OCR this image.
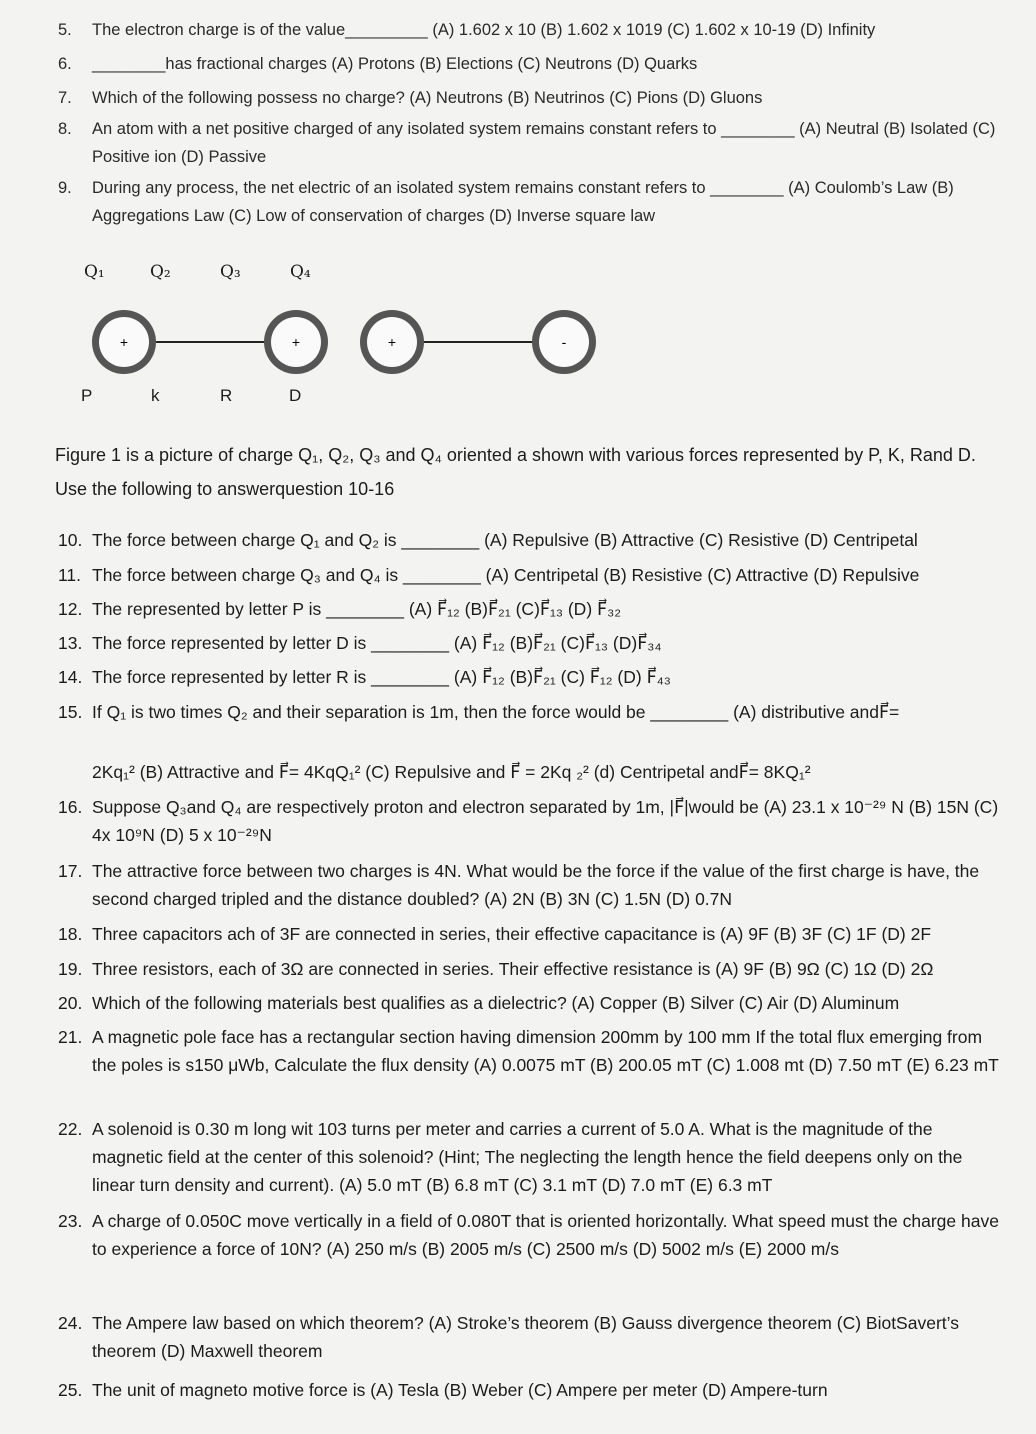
5. The electron charge is of the value_________ (A) 1.602 x 10 (B) 1.602 x 1019 (C) 1.602 x 10-19 (D) Infinity
6. ________has fractional charges (A) Protons (B) Elections (C) Neutrons (D) Quarks
7. Which of the following possess no charge? (A) Neutrons (B) Neutrinos (C) Pions (D) Gluons
8. An atom with a net positive charged of any isolated system remains constant refers to ________ (A) Neutral (B) Isolated (C) Positive ion (D) Passive
9. During any process, the net electric of an isolated system remains constant refers to ________ (A) Coulomb’s Law (B) Aggregations Law (C) Low of conservation of charges (D) Inverse square law
Q₁	Q₂	Q₃	Q₄
+	+	+	-
P	k	R	D
Figure 1 is a picture of charge Q₁, Q₂, Q₃ and Q₄ oriented a shown with various forces represented by P, K, Rand D. Use the following to answerquestion 10-16
10. The force between charge Q₁ and Q₂ is ________ (A) Repulsive (B) Attractive (C) Resistive (D) Centripetal
11. The force between charge Q₃ and Q₄ is ________ (A) Centripetal (B) Resistive (C) Attractive (D) Repulsive
12. The represented by letter P is ________ (A) F⃗₁₂ (B)F⃗₂₁ (C)F⃗₁₃ (D) F⃗₃₂
13. The force represented by letter D is ________ (A) F⃗₁₂ (B)F⃗₂₁ (C)F⃗₁₃ (D)F⃗₃₄
14. The force represented by letter R is ________ (A) F⃗₁₂ (B)F⃗₂₁ (C) F⃗₁₂ (D) F⃗₄₃
15. If Q₁ is two times Q₂ and their separation is 1m, then the force would be ________ (A) distributive andF⃗=
2Kq₁² (B) Attractive and F⃗= 4KqQ₁² (C) Repulsive and F⃗ = 2Kq ₂² (d) Centripetal andF⃗= 8KQ₁²
16. Suppose Q₃and Q₄ are respectively proton and electron separated by 1m, |F⃗|would be (A) 23.1 x 10⁻²⁹ N (B) 15N (C) 4x 10⁹N (D) 5 x 10⁻²⁹N
17. The attractive force between two charges is 4N. What would be the force if the value of the first charge is have, the second charged tripled and the distance doubled? (A) 2N (B) 3N (C) 1.5N (D) 0.7N
18. Three capacitors ach of 3F are connected in series, their effective capacitance is (A) 9F (B) 3F (C) 1F (D) 2F
19. Three resistors, each of 3Ω are connected in series. Their effective resistance is (A) 9F (B) 9Ω (C) 1Ω (D) 2Ω
20. Which of the following materials best qualifies as a dielectric? (A) Copper (B) Silver (C) Air (D) Aluminum
21. A magnetic pole face has a rectangular section having dimension 200mm by 100 mm If the total flux emerging from the poles is s150 μWb, Calculate the flux density (A) 0.0075 mT (B) 200.05 mT (C) 1.008 mt (D) 7.50 mT (E) 6.23 mT
22. A solenoid is 0.30 m long wit 103 turns per meter and carries a current of 5.0 A. What is the magnitude of the magnetic field at the center of this solenoid? (Hint; The neglecting the length hence the field deepens only on the linear turn density and current). (A) 5.0 mT (B) 6.8 mT (C) 3.1 mT (D) 7.0 mT (E) 6.3 mT
23. A charge of 0.050C move vertically in a field of 0.080T that is oriented horizontally. What speed must the charge have to experience a force of 10N? (A) 250 m/s (B) 2005 m/s (C) 2500 m/s (D) 5002 m/s (E) 2000 m/s
24. The Ampere law based on which theorem? (A) Stroke’s theorem (B) Gauss divergence theorem (C) BiotSavert’s theorem (D) Maxwell theorem
25. The unit of magneto motive force is (A) Tesla (B) Weber (C) Ampere per meter (D) Ampere-turn
